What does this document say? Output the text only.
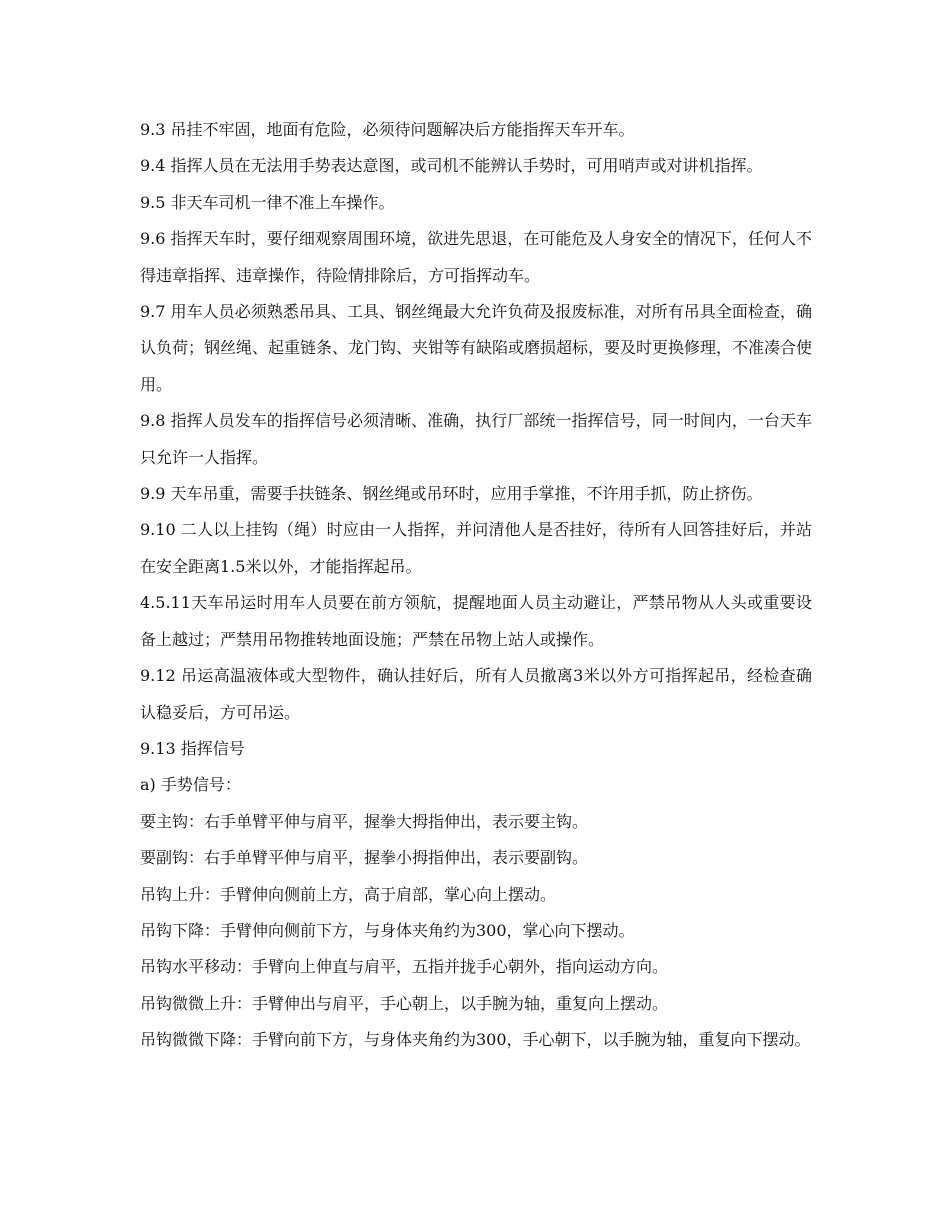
9.3 吊挂不牢固，地面有危险，必须待问题解决后方能指挥天车开车。

9.4 指挥人员在无法用手势表达意图，或司机不能辨认手势时，可用哨声或对讲机指挥。

9.5 非天车司机一律不准上车操作。

9.6 指挥天车时，要仔细观察周围环境，欲进先思退，在可能危及人身安全的情况下，任何人不得违章指挥、违章操作，待险情排除后，方可指挥动车。

9.7 用车人员必须熟悉吊具、工具、钢丝绳最大允许负荷及报废标准，对所有吊具全面检查，确认负荷；钢丝绳、起重链条、龙门钩、夹钳等有缺陷或磨损超标，要及时更换修理，不准凑合使用。

9.8 指挥人员发车的指挥信号必须清晰、准确，执行厂部统一指挥信号，同一时间内，一台天车只允许一人指挥。

9.9 天车吊重，需要手扶链条、钢丝绳或吊环时，应用手掌推，不许用手抓，防止挤伤。

9.10 二人以上挂钩（绳）时应由一人指挥，并问清他人是否挂好，待所有人回答挂好后，并站在安全距离1.5米以外，才能指挥起吊。

4.5.11天车吊运时用车人员要在前方领航，提醒地面人员主动避让，严禁吊物从人头或重要设备上越过；严禁用吊物推转地面设施；严禁在吊物上站人或操作。

9.12 吊运高温液体或大型物件，确认挂好后，所有人员撤离3米以外方可指挥起吊，经检查确认稳妥后，方可吊运。

9.13 指挥信号

a) 手势信号：

要主钩：右手单臂平伸与肩平，握拳大拇指伸出，表示要主钩。

要副钩：右手单臂平伸与肩平，握拳小拇指伸出，表示要副钩。

吊钩上升：手臂伸向侧前上方，高于肩部，掌心向上摆动。

吊钩下降：手臂伸向侧前下方，与身体夹角约为300，掌心向下摆动。

吊钩水平移动：手臂向上伸直与肩平，五指并拢手心朝外，指向运动方向。

吊钩微微上升：手臂伸出与肩平，手心朝上，以手腕为轴，重复向上摆动。

吊钩微微下降：手臂向前下方，与身体夹角约为300，手心朝下，以手腕为轴，重复向下摆动。
